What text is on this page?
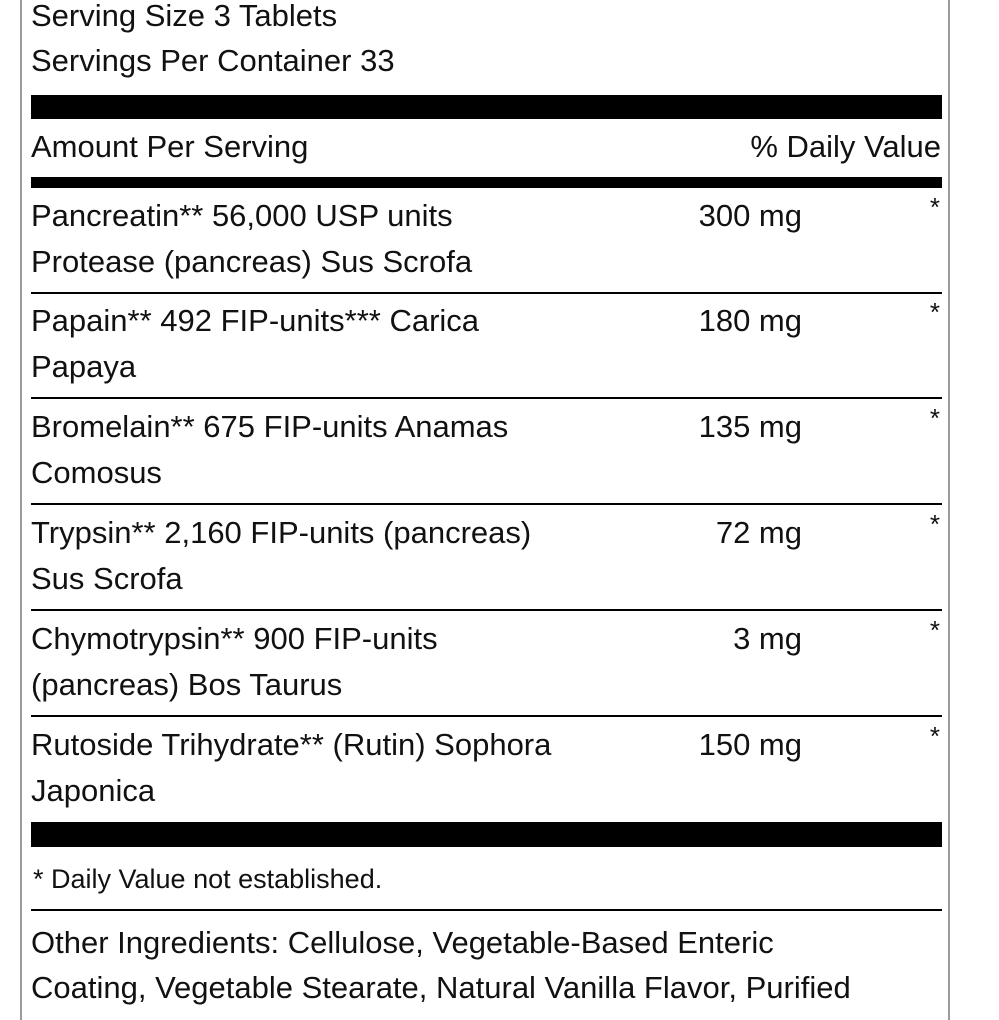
Serving Size 3 Tablets
Servings Per Container 33
Amount Per Serving	% Daily Value
Pancreatin** 56,000 USP units
Protease (pancreas) Sus Scrofa
300 mg	*
Papain** 492 FIP-units*** Carica
Papaya
180 mg	*
Bromelain** 675 FIP-units Anamas
Comosus
135 mg	*
Trypsin** 2,160 FIP-units (pancreas)
Sus Scrofa
72 mg	*
Chymotrypsin** 900 FIP-units
(pancreas) Bos Taurus
3 mg	*
Rutoside Trihydrate** (Rutin) Sophora
Japonica
150 mg	*
* Daily Value not established.
Other Ingredients: Cellulose, Vegetable-Based Enteric
Coating, Vegetable Stearate, Natural Vanilla Flavor, Purified
